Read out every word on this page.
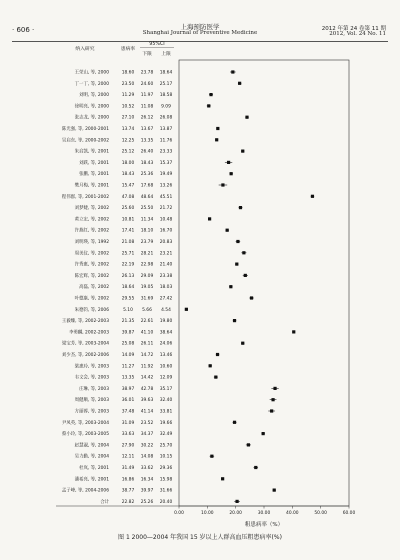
· 606 ·	上海预防医学
Shanghai Journal of Preventive Medicine
2012 年第 24 卷第 11 期
2012, Vol. 24 No. 11
纳入研究	患病率
95%CI
下限 上限
王荣山, 等, 2000	18.60 23.78 18.64
丁一丁, 等, 2000	23.50 24.60 25.17
刘明, 等, 2000	11.29 11.97 18.58
徐明亮, 等, 2000	10.52 11.08 9.09
张志龙, 等, 2000	27.10 26.12 26.08
陈光强, 等, 2000-2001	13.74 13.67 13.87
吴启东, 等, 2000-2002	12.25 13.35 11.76
朱启凯, 等, 2001	25.12 26.40 23.33
刘跃, 等, 2001	18.00 18.43 15.37
张鹏, 等, 2001	18.43 25.36 19.49
樊月梅, 等, 2001	15.47 17.68 13.26
程伟群, 等, 2001-2002	47.08 48.64 45.51
刘梦婕, 等, 2002	25.60 25.50 21.72
黄立宏, 等, 2002	10.81 11.34 10.48
许燕红, 等, 2002	17.41 18.10 16.70
刘明瑛, 等, 1992	21.08 23.79 20.83
周美仪, 等, 2002	25.71 28.21 23.21
许秀惠, 等, 2002	22.19 22.98 21.40
陈宏辉, 等, 2002	26.13 29.09 23.38
高磊, 等, 2002	18.64 19.05 18.03
叶德康, 等, 2002	29.55 31.69 27.42
朱德钧, 等, 2006	5.10 5.66 4.54
王毅臻, 等, 2002-2003	21.35 22.61 19.80
李勇麟, 2002-2003	39.87 41.10 38.64
梁宝芳, 等, 2003-2004	25.08 26.11 24.06
刘少杰, 等, 2002-2006	14.09 14.72 13.46
梁惠玲, 等, 2003	11.27 11.92 10.60
韦文会, 等, 2003	13.35 14.42 12.09
庄琳, 等, 2003	38.97 42.78 35.17
周健顺, 等, 2003	36.01 39.63 32.40
方丽蓉, 等, 2003	37.48 41.14 33.81
尹凤英, 等, 2003-2004	31.09 23.52 19.66
蔡小玲, 等, 2003-2005	33.63 34.37 32.49
赵慧淑, 等, 2004	27.90 30.22 25.70
吴力勤, 等, 2004	12.11 14.08 10.15
杜岚, 等, 2001	31.49 33.62 29.36
潘希亮, 等, 2001	16.86 16.34 15.98
孟子峰, 等, 2004-2006	38.77 39.97 31.66
合计	22.82 25.26 20.40
0.00	10.00	20.00	30.00	40.00	50.00	60.00
粗患病率（%）
图 1 2000—2004 年我国 15 岁以上人群高血压粗患病率(%)
